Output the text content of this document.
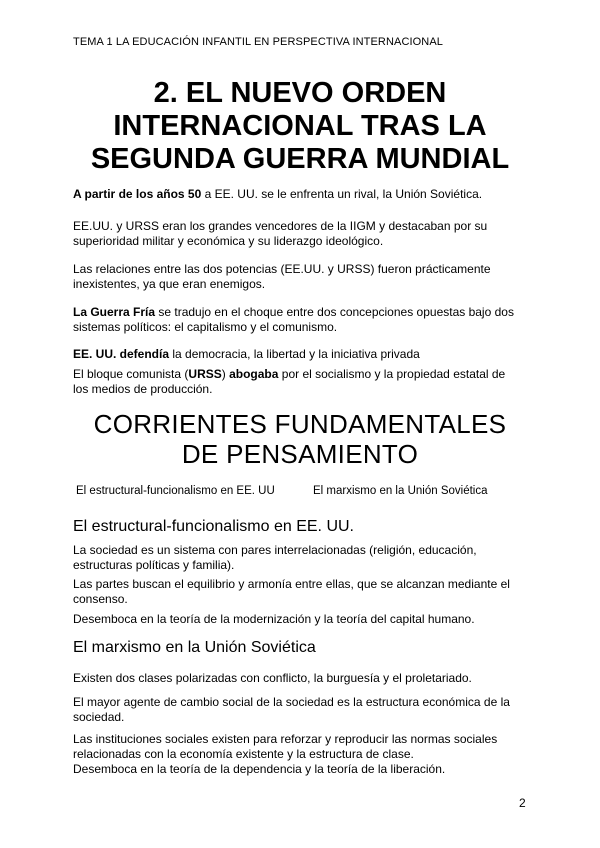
TEMA 1 LA EDUCACIÓN INFANTIL EN PERSPECTIVA INTERNACIONAL
2. EL NUEVO ORDEN
INTERNACIONAL TRAS LA
SEGUNDA GUERRA MUNDIAL
A partir de los años 50 a EE. UU. se le enfrenta un rival, la Unión Soviética.
EE.UU. y URSS eran los grandes vencedores de la IIGM y destacaban por su
superioridad militar y económica y su liderazgo ideológico.
Las relaciones entre las dos potencias (EE.UU. y URSS) fueron prácticamente
inexistentes, ya que eran enemigos.
La Guerra Fría se tradujo en el choque entre dos concepciones opuestas bajo dos
sistemas políticos: el capitalismo y el comunismo.
EE. UU. defendía la democracia, la libertad y la iniciativa privada
El bloque comunista (URSS) abogaba por el socialismo y la propiedad estatal de
los medios de producción.
CORRIENTES FUNDAMENTALES
DE PENSAMIENTO
El estructural-funcionalismo en EE. UU	El marxismo en la Unión Soviética
El estructural-funcionalismo en EE. UU.
La sociedad es un sistema con pares interrelacionadas (religión, educación,
estructuras políticas y familia).
Las partes buscan el equilibrio y armonía entre ellas, que se alcanzan mediante el
consenso.
Desemboca en la teoría de la modernización y la teoría del capital humano.
El marxismo en la Unión Soviética
Existen dos clases polarizadas con conflicto, la burguesía y el proletariado.
El mayor agente de cambio social de la sociedad es la estructura económica de la
sociedad.
Las instituciones sociales existen para reforzar y reproducir las normas sociales
relacionadas con la economía existente y la estructura de clase.
Desemboca en la teoría de la dependencia y la teoría de la liberación.
2
